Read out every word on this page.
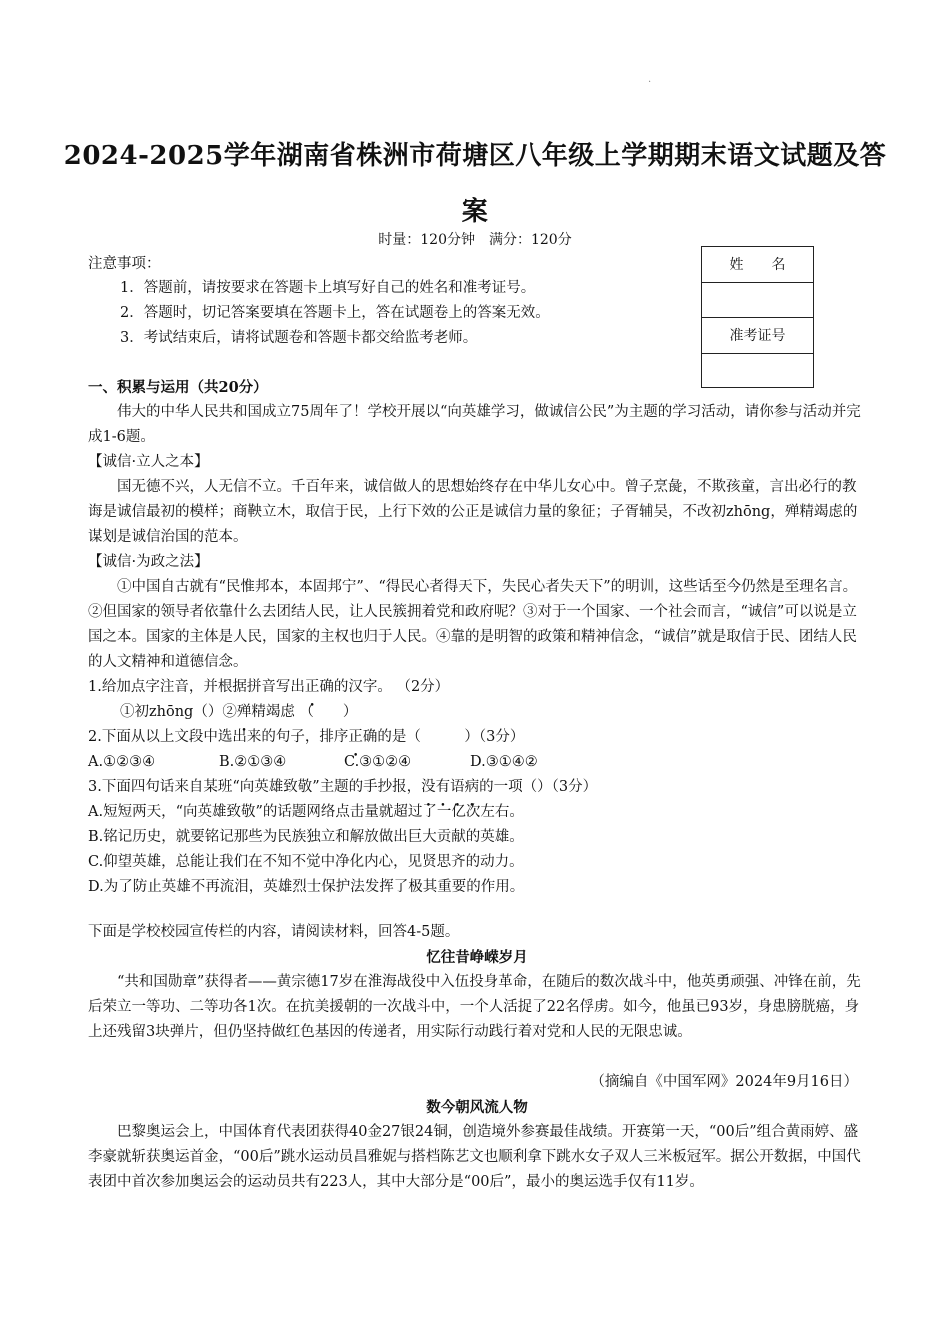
.
2024-2025学年湖南省株洲市荷塘区八年级上学期期末语文试题及答
案
时量：120分钟　满分：120分
姓　　名
准考证号
注意事项：
1．答题前，请按要求在答题卡上填写好自己的姓名和准考证号。
2．答题时，切记答案要填在答题卡上，答在试题卷上的答案无效。
3．考试结束后，请将试题卷和答题卡都交给监考老师。
一、积累与运用（共20分）
伟大的中华人民共和国成立75周年了！学校开展以“向英雄学习，做诚信公民”为主题的学习活动，请你参与活动并完成1-6题。
【诚信·立人之本】
国无德不兴，人无信不立。千百年来，诚信做人的思想始终存在中华儿女心中。曾子烹彘，不欺孩童，言出必行的教诲是诚信最初的模样；商鞅立木，取信于民，上行下效的公正是诚信力量的象征；子胥辅吴，不改初zhōng，殚精竭虑的谋划是诚信治国的范本。
【诚信·为政之法】
①中国自古就有“民惟邦本，本固邦宁”、“得民心者得天下，失民心者失天下”的明训，这些话至今仍然是至理名言。②但国家的领导者依靠什么去团结人民，让人民簇拥着党和政府呢？③对于一个国家、一个社会而言，“诚信”可以说是立国之本。国家的主体是人民，国家的主权也归于人民。④靠的是明智的政策和精神信念，“诚信”就是取信于民、团结人民的人文精神和道德信念。
1.给加点字注音，并根据拼音写出正确的汉字。 （2分）
①初zhōng（）②殚精竭虑 （　　）
2.下面从以上文段中选出来的句子，排序正确的是（　　　）（3分）
A.①②③④	B.②①③④	C.③①②④	D.③①④②
3.下面四句话来自某班“向英雄致敬”主题的手抄报，没有语病的一项（）（3分）
A.短短两天，“向英雄致敬”的话题网络点击量就超过了一亿次左右。
B.铭记历史，就要铭记那些为民族独立和解放做出巨大贡献的英雄。
C.仰望英雄，总能让我们在不知不觉中净化内心，见贤思齐的动力。
D.为了防止英雄不再流泪，英雄烈士保护法发挥了极其重要的作用。
下面是学校校园宣传栏的内容，请阅读材料，回答4-5题。
忆往昔峥嵘岁月
“共和国勋章”获得者——黄宗德17岁在淮海战役中入伍投身革命，在随后的数次战斗中，他英勇顽强、冲锋在前，先后荣立一等功、二等功各1次。在抗美援朝的一次战斗中，一个人活捉了22名俘虏。如今，他虽已93岁，身患膀胱癌，身上还残留3块弹片，但仍坚持做红色基因的传递者，用实际行动践行着对党和人民的无限忠诚。
（摘编自《中国军网》2024年9月16日）
数今朝风流人物
巴黎奥运会上，中国体育代表团获得40金27银24铜，创造境外参赛最佳战绩。开赛第一天，“00后”组合黄雨婷、盛李豪就斩获奥运首金，“00后”跳水运动员昌雅妮与搭档陈艺文也顺利拿下跳水女子双人三米板冠军。据公开数据，中国代表团中首次参加奥运会的运动员共有223人，其中大部分是“00后”，最小的奥运选手仅有11岁。
